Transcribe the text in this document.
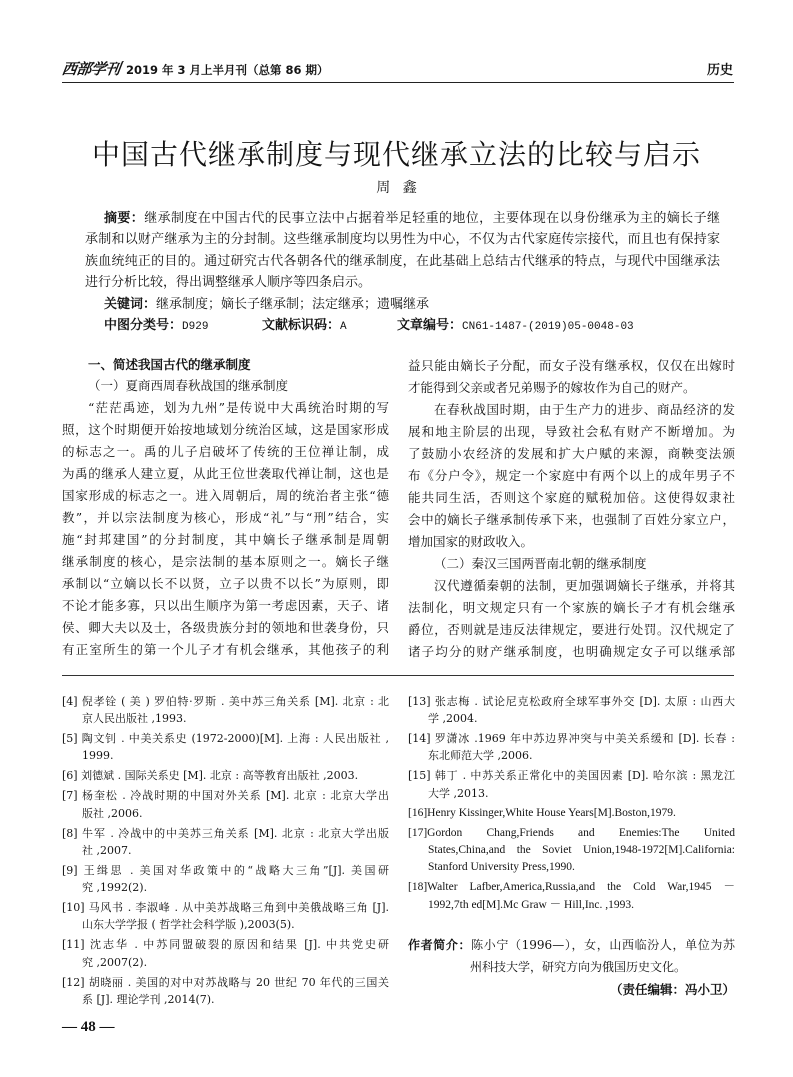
西部学刊 2019 年 3 月上半月刊（总第 86 期）	历史
中国古代继承制度与现代继承立法的比较与启示
周 鑫
摘要：继承制度在中国古代的民事立法中占据着举足轻重的地位，主要体现在以身份继承为主的嫡长子继
承制和以财产继承为主的分封制。这些继承制度均以男性为中心，不仅为古代家庭传宗接代，而且也有保持家
族血统纯正的目的。通过研究古代各朝各代的继承制度，在此基础上总结古代继承的特点，与现代中国继承法
进行分析比较，得出调整继承人顺序等四条启示。
关键词：继承制度；嫡长子继承制；法定继承；遗嘱继承
中图分类号：D929	文献标识码：A	文章编号：CN61-1487-(2019)05-0048-03
一、简述我国古代的继承制度
（一）夏商西周春秋战国的继承制度
“茫茫禹迹，划为九州”是传说中大禹统治时期的写
照，这个时期便开始按地域划分统治区域，这是国家形成
的标志之一。禹的儿子启破坏了传统的王位禅让制，成
为禹的继承人建立夏，从此王位世袭取代禅让制，这也是
国家形成的标志之一。进入周朝后，周的统治者主张“德
教”，并以宗法制度为核心，形成“礼”与“刑”结合，实
施“封邦建国”的分封制度，其中嫡长子继承制是周朝
继承制度的核心，是宗法制的基本原则之一。嫡长子继
承制以“立嫡以长不以贤，立子以贵不以长”为原则，即
不论才能多寡，只以出生顺序为第一考虑因素，天子、诸
侯、卿大夫以及士，各级贵族分封的领地和世袭身份，只
有正室所生的第一个儿子才有机会继承，其他孩子的利
益只能由嫡长子分配，而女子没有继承权，仅仅在出嫁时
才能得到父亲或者兄弟赐予的嫁妆作为自己的财产。
在春秋战国时期，由于生产力的进步、商品经济的发
展和地主阶层的出现，导致社会私有财产不断增加。为
了鼓励小农经济的发展和扩大户赋的来源，商鞅变法颁
布《分户令》，规定一个家庭中有两个以上的成年男子不
能共同生活，否则这个家庭的赋税加倍。这使得奴隶社
会中的嫡长子继承制传承下来，也强制了百姓分家立户，
增加国家的财政收入。
（二）秦汉三国两晋南北朝的继承制度
汉代遵循秦朝的法制，更加强调嫡长子继承，并将其
法制化，明文规定只有一个家族的嫡长子才有机会继承
爵位，否则就是违反法律规定，要进行处罚。汉代规定了
诸子均分的财产继承制度，也明确规定女子可以继承部
[4] 倪孝铨 ( 美 ) 罗伯特·罗斯 . 美中苏三角关系 [M]. 北京 : 北
京人民出版社 ,1993.
[5] 陶文钊 . 中美关系史 (1972-2000)[M]. 上海 : 人民出版社 ,
1999.
[6] 刘德斌 . 国际关系史 [M]. 北京 : 高等教育出版社 ,2003.
[7] 杨奎松 . 冷战时期的中国对外关系 [M]. 北京 : 北京大学出
版社 ,2006.
[8] 牛军 . 冷战中的中美苏三角关系 [M]. 北京 : 北京大学出版
社 ,2007.
[9] 王缉思 . 美国对华政策中的“战略大三角”[J]. 美国研
究 ,1992(2).
[10] 马风书 . 李淑峰 . 从中美苏战略三角到中美俄战略三角 [J].
山东大学学报 ( 哲学社会科学版 ),2003(5).
[11] 沈志华 . 中苏同盟破裂的原因和结果 [J]. 中共党史研
究 ,2007(2).
[12] 胡晓丽 . 美国的对中对苏战略与 20 世纪 70 年代的三国关
系 [J]. 理论学刊 ,2014(7).
[13] 张志梅 . 试论尼克松政府全球军事外交 [D]. 太原 : 山西大
学 ,2004.
[14] 罗潇冰 .1969 年中苏边界冲突与中美关系缓和 [D]. 长春 :
东北师范大学 ,2006.
[15] 韩丁 . 中苏关系正常化中的美国因素 [D]. 哈尔滨 : 黑龙江
大学 ,2013.
[16]Henry Kissinger,White House Years[M].Boston,1979.
[17]Gordon Chang,Friends and Enemies:The United
States,China,and the Soviet Union,1948-1972[M].California:
Stanford University Press,1990.
[18]Walter Lafber,America,Russia,and the Cold War,1945 －
1992,7th ed[M].Mc Graw － Hill,Inc. ,1993.
作者简介：陈小宁（1996—），女，山西临汾人，单位为苏
州科技大学，研究方向为俄国历史文化。
（责任编辑：冯小卫）
— 48 —
